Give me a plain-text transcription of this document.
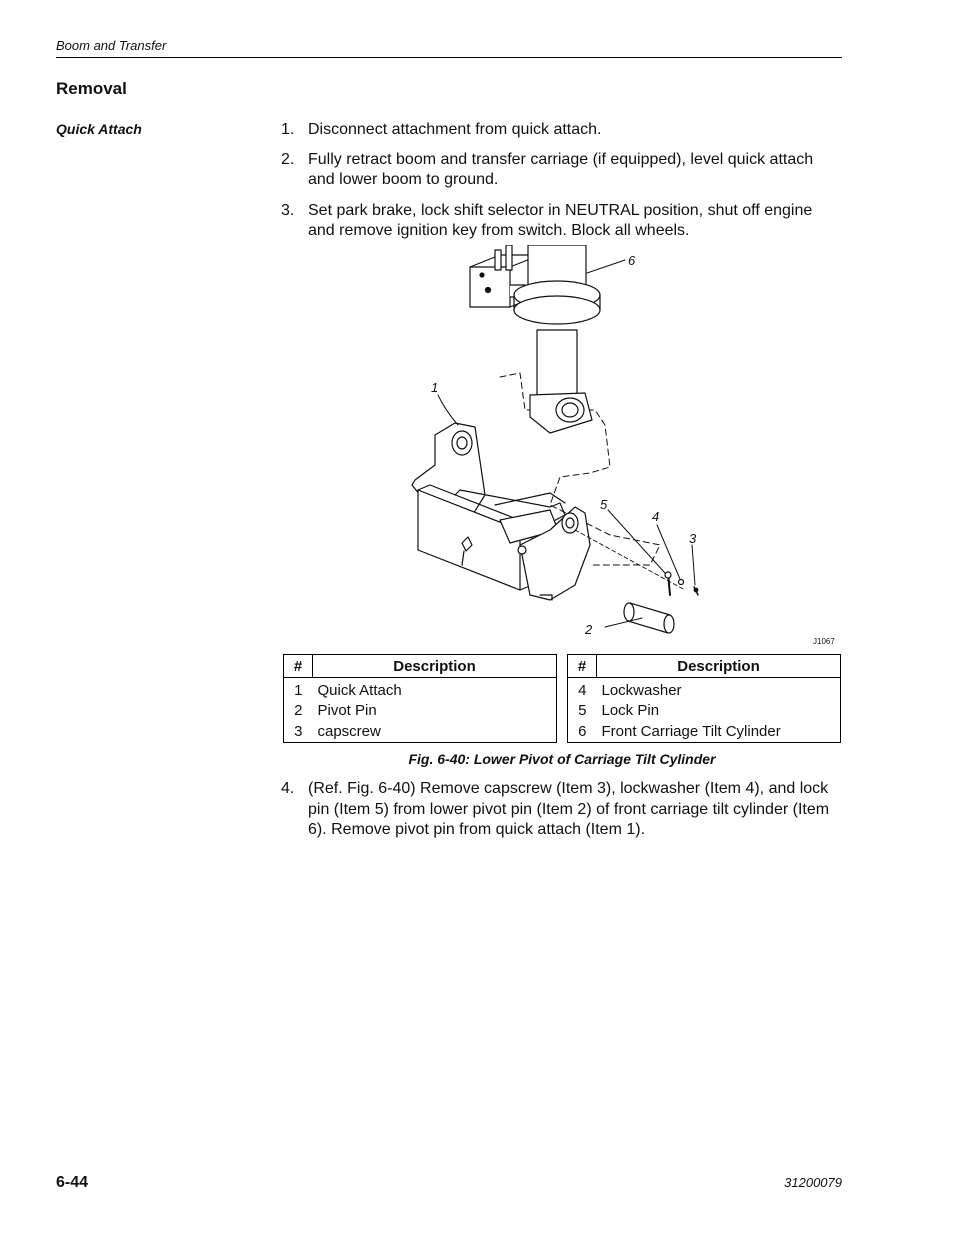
Boom and Transfer
Removal
Quick Attach	1. Disconnect attachment from quick attach.
2. Fully retract boom and transfer carriage (if equipped), level quick attach and lower boom to ground.
3. Set park brake, lock shift selector in NEUTRAL position, shut off engine and remove ignition key from switch. Block all wheels.
6
1
5
4
3
2
J1067
#	Description
1	Quick Attach
2	Pivot Pin
3	capscrew
#	Description
4	Lockwasher
5	Lock Pin
6	Front Carriage Tilt Cylinder
Fig. 6-40: Lower Pivot of Carriage Tilt Cylinder
4. (Ref. Fig. 6-40) Remove capscrew (Item 3), lockwasher (Item 4), and lock pin (Item 5) from lower pivot pin (Item 2) of front carriage tilt cylinder (Item 6). Remove pivot pin from quick attach (Item 1).
6-44	31200079
